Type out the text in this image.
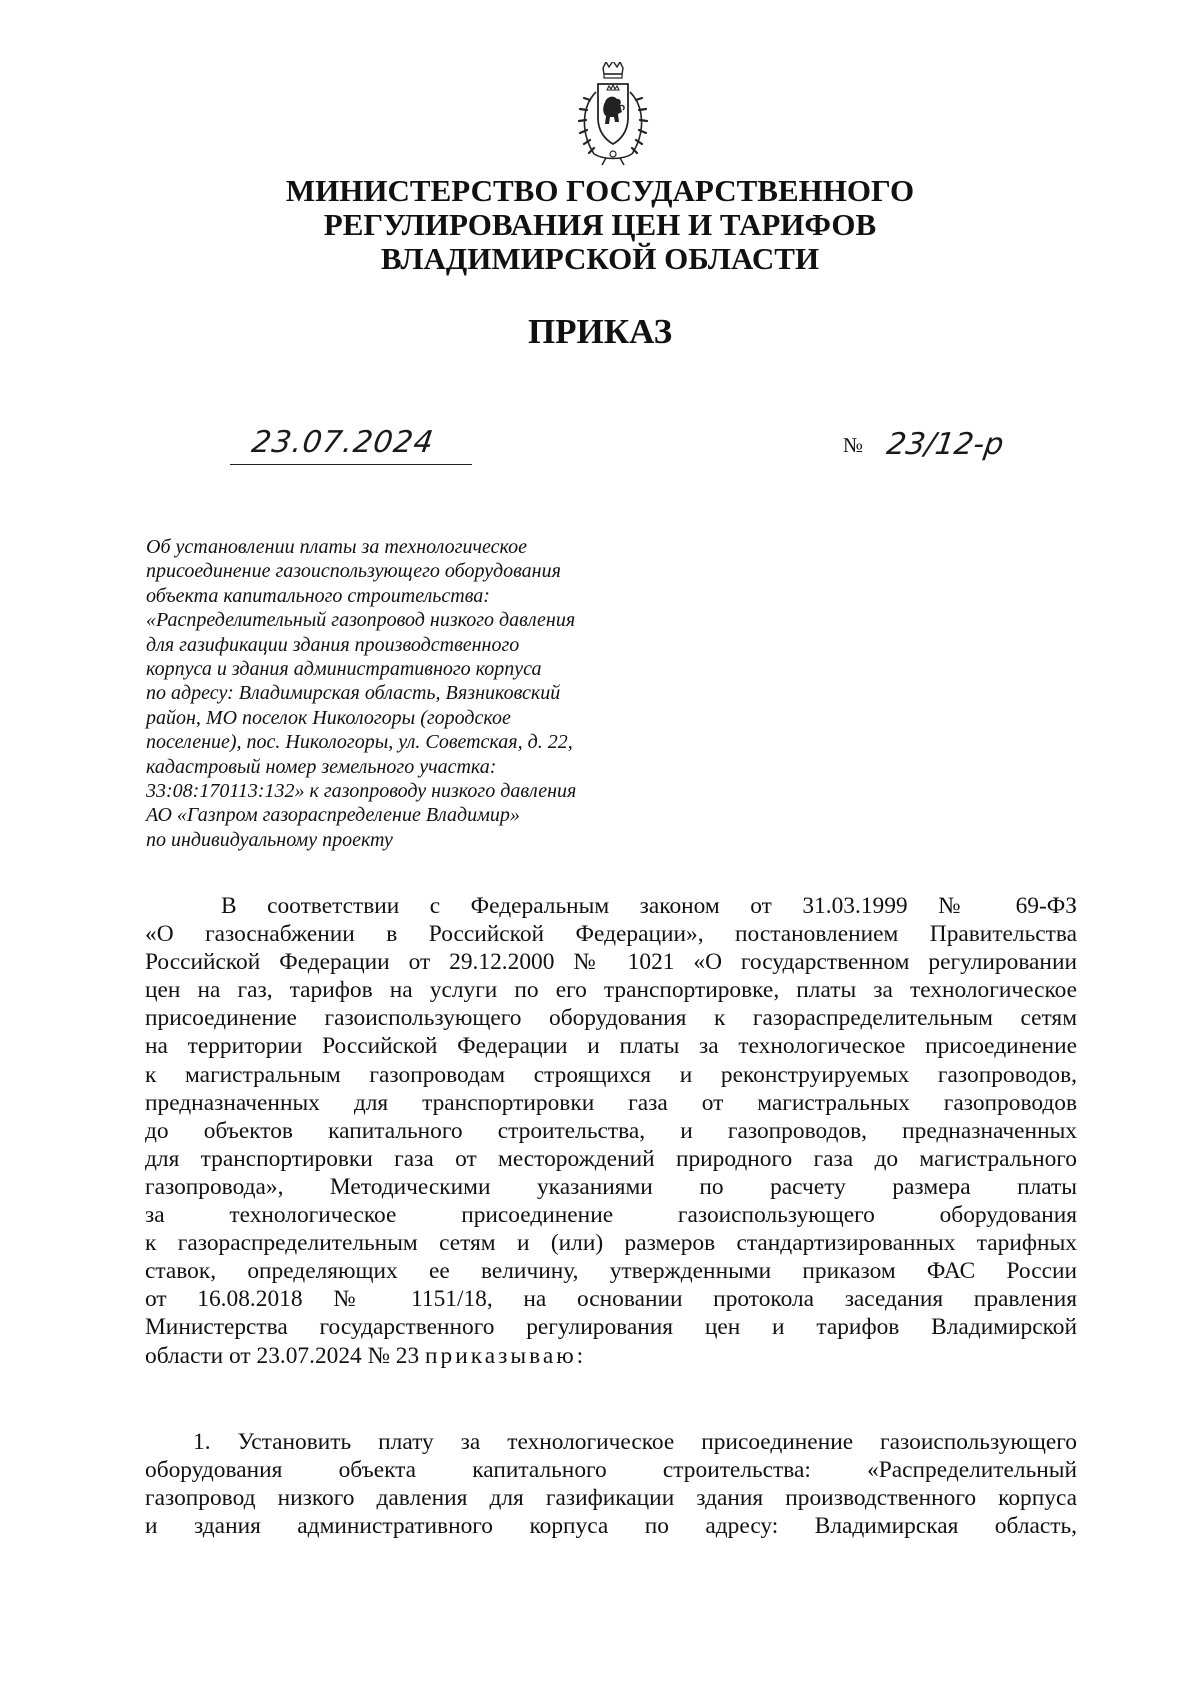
МИНИСТЕРСТВО ГОСУДАРСТВЕННОГО
РЕГУЛИРОВАНИЯ ЦЕН И ТАРИФОВ
ВЛАДИМИРСКОЙ ОБЛАСТИ
ПРИКАЗ
23.07.2024	№ 23/12-р
Об установлении платы за технологическое
присоединение газоиспользующего оборудования
объекта капитального строительства:
«Распределительный газопровод низкого давления
для газификации здания производственного
корпуса и здания административного корпуса
по адресу: Владимирская область, Вязниковский
район, МО поселок Никологоры (городское
поселение), пос. Никологоры, ул. Советская, д. 22,
кадастровый номер земельного участка:
33:08:170113:132» к газопроводу низкого давления
АО «Газпром газораспределение Владимир»
по индивидуальному проекту
В соответствии с Федеральным законом от 31.03.1999 № 69-ФЗ
«О газоснабжении в Российской Федерации», постановлением Правительства
Российской Федерации от 29.12.2000 № 1021 «О государственном регулировании
цен на газ, тарифов на услуги по его транспортировке, платы за технологическое
присоединение газоиспользующего оборудования к газораспределительным сетям
на территории Российской Федерации и платы за технологическое присоединение
к магистральным газопроводам строящихся и реконструируемых газопроводов,
предназначенных для транспортировки газа от магистральных газопроводов
до объектов капитального строительства, и газопроводов, предназначенных
для транспортировки газа от месторождений природного газа до магистрального
газопровода», Методическими указаниями по расчету размера платы
за технологическое присоединение газоиспользующего оборудования
к газораспределительным сетям и (или) размеров стандартизированных тарифных
ставок, определяющих ее величину, утвержденными приказом ФАС России
от 16.08.2018 № 1151/18, на основании протокола заседания правления
Министерства государственного регулирования цен и тарифов Владимирской
области от 23.07.2024 № 23 приказываю:
1. Установить плату за технологическое присоединение газоиспользующего
оборудования объекта капитального строительства: «Распределительный
газопровод низкого давления для газификации здания производственного корпуса
и здания административного корпуса по адресу: Владимирская область,
